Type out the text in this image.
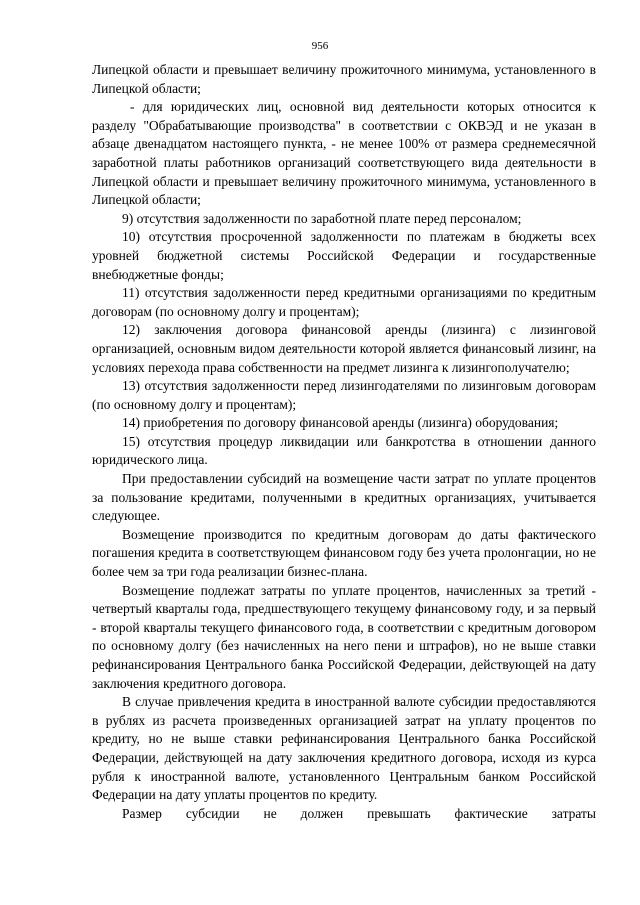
956

Липецкой области и превышает величину прожиточного минимума, установленного в Липецкой области;

- для юридических лиц, основной вид деятельности которых относится к разделу "Обрабатывающие производства" в соответствии с ОКВЭД и не указан в абзаце двенадцатом настоящего пункта, - не менее 100% от размера среднемесячной заработной платы работников организаций соответствующего вида деятельности в Липецкой области и превышает величину прожиточного минимума, установленного в Липецкой области;

9) отсутствия задолженности по заработной плате перед персоналом;

10) отсутствия просроченной задолженности по платежам в бюджеты всех уровней бюджетной системы Российской Федерации и государственные внебюджетные фонды;

11) отсутствия задолженности перед кредитными организациями по кредитным договорам (по основному долгу и процентам);

12) заключения договора финансовой аренды (лизинга) с лизинговой организацией, основным видом деятельности которой является финансовый лизинг, на условиях перехода права собственности на предмет лизинга к лизингополучателю;

13) отсутствия задолженности перед лизингодателями по лизинговым договорам (по основному долгу и процентам);

14) приобретения по договору финансовой аренды (лизинга) оборудования;

15) отсутствия процедур ликвидации или банкротства в отношении данного юридического лица.

При предоставлении субсидий на возмещение части затрат по уплате процентов за пользование кредитами, полученными в кредитных организациях, учитывается следующее.

Возмещение производится по кредитным договорам до даты фактического погашения кредита в соответствующем финансовом году без учета пролонгации, но не более чем за три года реализации бизнес-плана.

Возмещение подлежат затраты по уплате процентов, начисленных за третий - четвертый кварталы года, предшествующего текущему финансовому году, и за первый - второй кварталы текущего финансового года, в соответствии с кредитным договором по основному долгу (без начисленных на него пени и штрафов), но не выше ставки рефинансирования Центрального банка Российской Федерации, действующей на дату заключения кредитного договора.

В случае привлечения кредита в иностранной валюте субсидии предоставляются в рублях из расчета произведенных организацией затрат на уплату процентов по кредиту, но не выше ставки рефинансирования Центрального банка Российской Федерации, действующей на дату заключения кредитного договора, исходя из курса рубля к иностранной валюте, установленного Центральным банком Российской Федерации на дату уплаты процентов по кредиту.

Размер субсидии не должен превышать фактические затраты
